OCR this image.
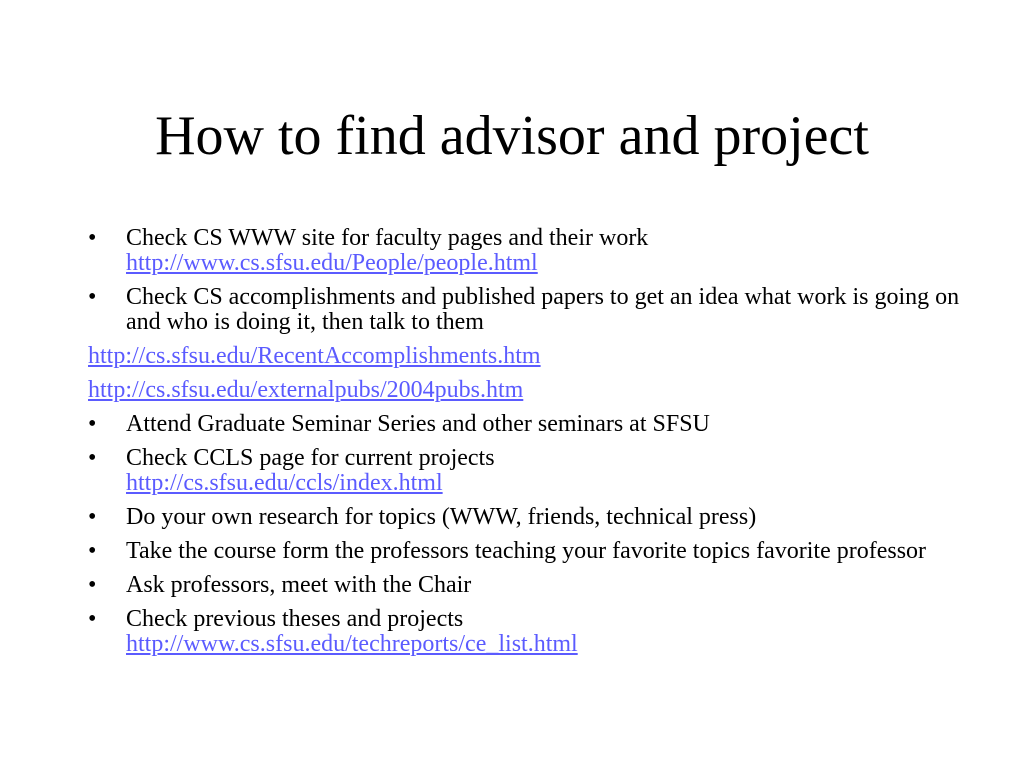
How to find advisor and project
• Check CS WWW site for faculty pages and their work
http://www.cs.sfsu.edu/People/people.html
• Check CS accomplishments and published papers to get an idea what work is going on and who is doing it, then talk to them
http://cs.sfsu.edu/RecentAccomplishments.htm
http://cs.sfsu.edu/externalpubs/2004pubs.htm
• Attend Graduate Seminar Series and other seminars at SFSU
• Check CCLS page for current projects
http://cs.sfsu.edu/ccls/index.html
• Do your own research for topics (WWW, friends, technical press)
• Take the course form the professors teaching your favorite topics favorite professor
• Ask professors, meet with the Chair
• Check previous theses and projects
http://www.cs.sfsu.edu/techreports/ce_list.html
